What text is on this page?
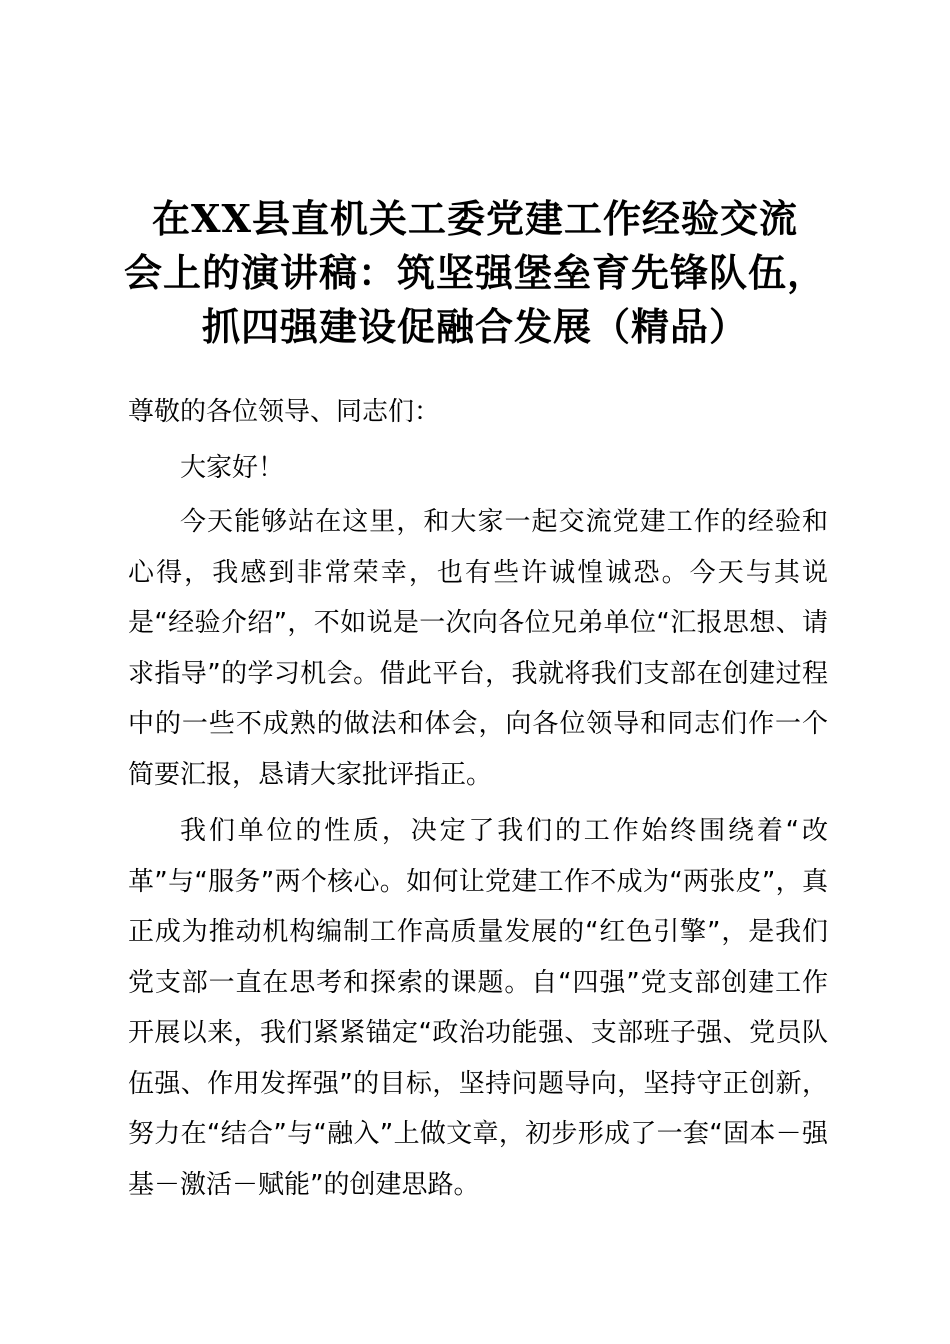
在XX县直机关工委党建工作经验交流
会上的演讲稿：筑坚强堡垒育先锋队伍，
抓四强建设促融合发展（精品）

尊敬的各位领导、同志们：

大家好！

今天能够站在这里，和大家一起交流党建工作的经验和心得，我感到非常荣幸，也有些许诚惶诚恐。今天与其说是“经验介绍”，不如说是一次向各位兄弟单位“汇报思想、请求指导”的学习机会。借此平台，我就将我们支部在创建过程中的一些不成熟的做法和体会，向各位领导和同志们作一个简要汇报，恳请大家批评指正。

我们单位的性质，决定了我们的工作始终围绕着“改革”与“服务”两个核心。如何让党建工作不成为“两张皮”，真正成为推动机构编制工作高质量发展的“红色引擎”，是我们党支部一直在思考和探索的课题。自“四强”党支部创建工作开展以来，我们紧紧锚定“政治功能强、支部班子强、党员队伍强、作用发挥强”的目标，坚持问题导向，坚持守正创新，努力在“结合”与“融入”上做文章，初步形成了一套“固本－强基－激活－赋能”的创建思路。
